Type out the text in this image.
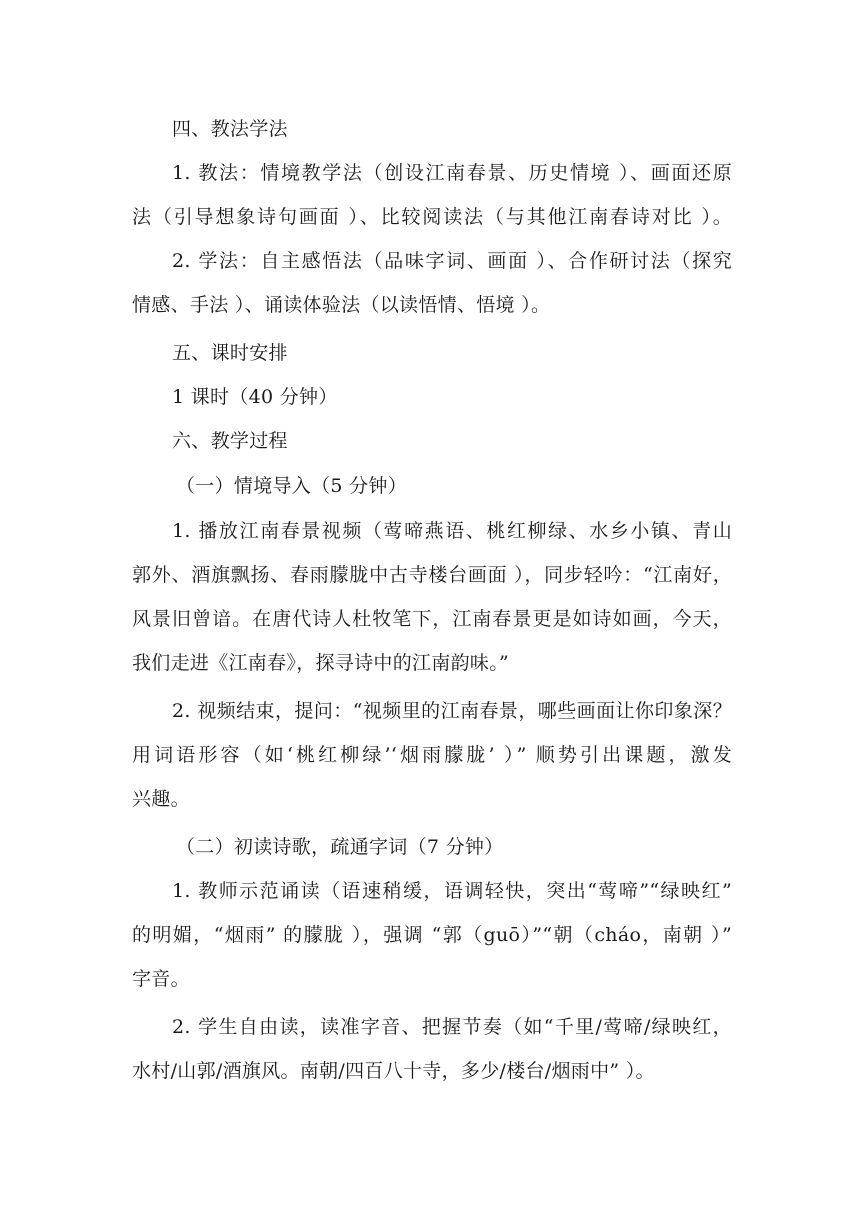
四、教法学法
1. 教法：情境教学法（创设江南春景、历史情境 ）、画面还原
法（引导想象诗句画面 ）、比较阅读法（与其他江南春诗对比 ）。
2. 学法：自主感悟法（品味字词、画面 ）、合作研讨法（探究
情感、手法 ）、诵读体验法（以读悟情、悟境 ）。
五、课时安排
1 课时（40 分钟）
六、教学过程
（一）情境导入（5 分钟）
1. 播放江南春景视频（莺啼燕语、桃红柳绿、水乡小镇、青山
郭外、酒旗飘扬、春雨朦胧中古寺楼台画面 ），同步轻吟：“江南好，
风景旧曾谙。在唐代诗人杜牧笔下，江南春景更是如诗如画，今天，
我们走进《江南春》，探寻诗中的江南韵味。”
2. 视频结束，提问：“视频里的江南春景，哪些画面让你印象深？
用词语形容（如‘桃红柳绿’‘烟雨朦胧’ ）” 顺势引出课题，激发
兴趣。
（二）初读诗歌，疏通字词（7 分钟）
1. 教师示范诵读（语速稍缓，语调轻快，突出“莺啼”“绿映红”
的明媚，“烟雨” 的朦胧 ），强调 “郭（guō）”“朝（cháo，南朝 ）”
字音。
2. 学生自由读，读准字音、把握节奏（如“千里/莺啼/绿映红，
水村/山郭/酒旗风。南朝/四百八十寺，多少/楼台/烟雨中” ）。
